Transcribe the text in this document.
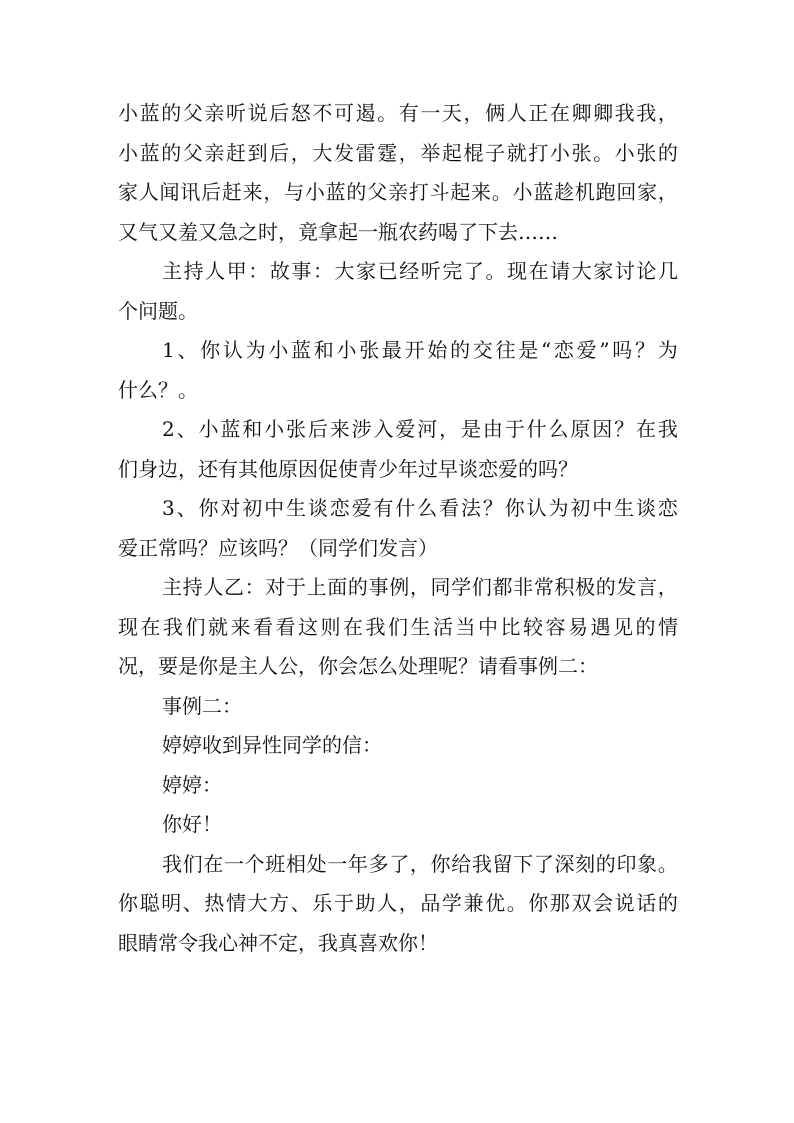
小 蓝 的 父 亲 听 说 后 怒 不 可 遏 。 有 一 天 ， 俩 人 正 在 卿 卿 我 我 ，
小 蓝 的 父 亲 赶 到 后 ， 大 发 雷 霆 ， 举 起 棍 子 就 打 小 张 。 小 张 的
家 人 闻 讯 后 赶 来 ， 与 小 蓝 的 父 亲 打 斗 起 来 。 小 蓝 趁 机 跑 回 家 ，
又气又羞又急之时，竟拿起一瓶农药喝了下去……
主 持 人 甲 ： 故 事 ： 大 家 已 经 听 完 了 。 现 在 请 大 家 讨 论 几
个问题。
1 、 你 认 为 小 蓝 和 小 张 最 开 始 的 交 往 是 “ 恋 爱 ” 吗 ？ 为
什么？。
2 、 小 蓝 和 小 张 后 来 涉 入 爱 河 ， 是 由 于 什 么 原 因 ？ 在 我
们身边，还有其他原因促使青少年过早谈恋爱的吗？
3 、 你 对 初 中 生 谈 恋 爱 有 什 么 看 法 ？ 你 认 为 初 中 生 谈 恋
爱正常吗？应该吗？（同学们发言）
主 持 人 乙 ： 对 于 上 面 的 事 例 ， 同 学 们 都 非 常 积 极 的 发 言 ，
现 在 我 们 就 来 看 看 这 则 在 我 们 生 活 当 中 比 较 容 易 遇 见 的 情
况，要是你是主人公，你会怎么处理呢？请看事例二：
事例二：
婷婷收到异性同学的信：
婷婷：
你好！
我 们 在 一 个 班 相 处 一 年 多 了 ， 你 给 我 留 下 了 深 刻 的 印 象 。
你 聪 明 、 热 情 大 方 、 乐 于 助 人 ， 品 学 兼 优 。 你 那 双 会 说 话 的
眼睛常令我心神不定，我真喜欢你！
